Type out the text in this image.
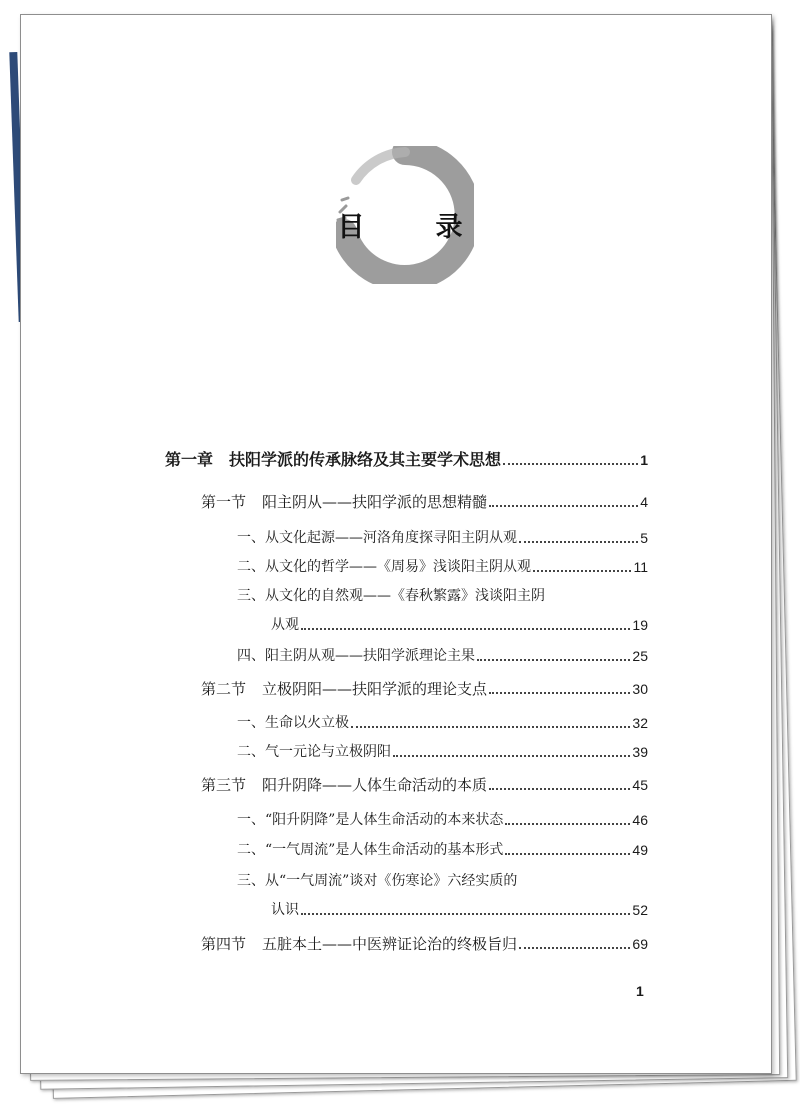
目　录
第一章 扶阳学派的传承脉络及其主要学术思想	1
第一节 阳主阴从——扶阳学派的思想精髓	4
一、从文化起源——河洛角度探寻阳主阴从观	5
二、从文化的哲学——《周易》浅谈阳主阴从观	11
三、从文化的自然观——《春秋繁露》浅谈阳主阴
从观	19
四、阳主阴从观——扶阳学派理论主果	25
第二节 立极阴阳——扶阳学派的理论支点	30
一、生命以火立极	32
二、气一元论与立极阴阳	39
第三节 阳升阴降——人体生命活动的本质	45
一、“阳升阴降”是人体生命活动的本来状态	46
二、“一气周流”是人体生命活动的基本形式	49
三、从“一气周流”谈对《伤寒论》六经实质的
认识	52
第四节 五脏本土——中医辨证论治的终极旨归	69
1
